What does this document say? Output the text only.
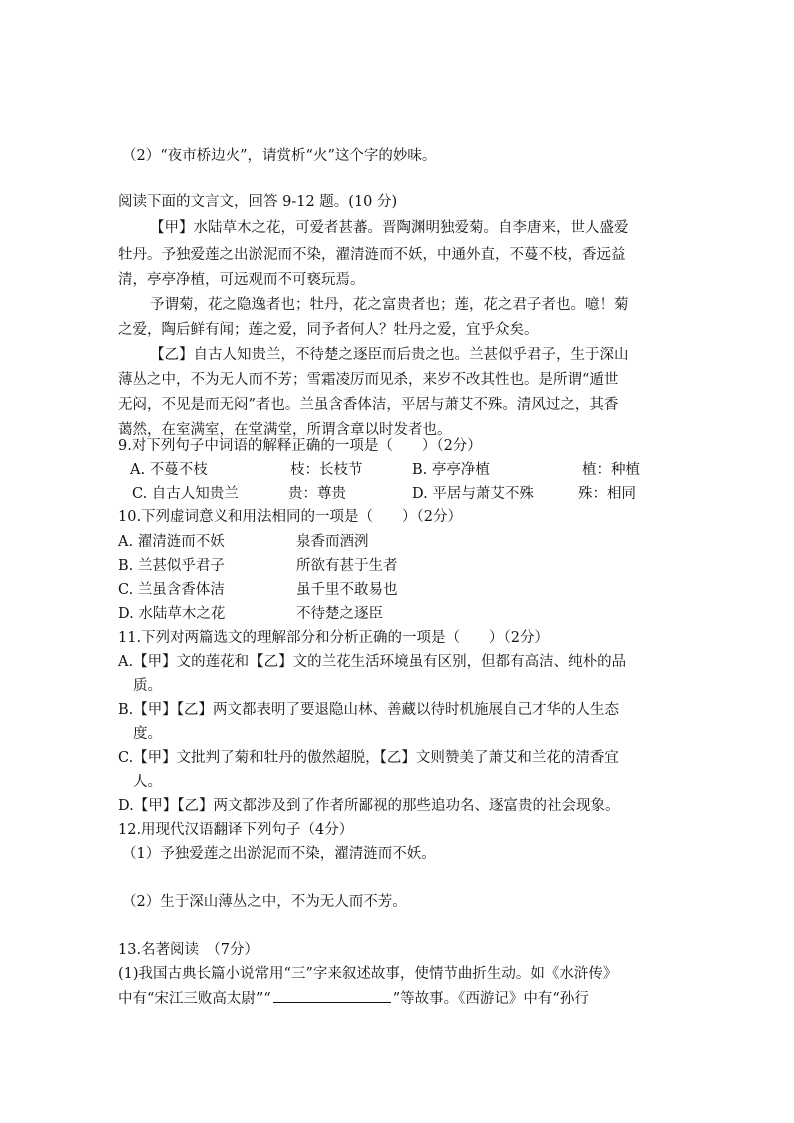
（2）“夜市桥边火”，请赏析“火”这个字的妙味。
阅读下面的文言文，回答 9-12 题。(10 分)
【甲】水陆草木之花，可爱者甚蕃。晋陶渊明独爱菊。自李唐来，世人盛爱
牡丹。予独爱莲之出淤泥而不染，濯清涟而不妖，中通外直，不蔓不枝，香远益
清，亭亭净植，可远观而不可亵玩焉。
予谓菊，花之隐逸者也；牡丹，花之富贵者也；莲，花之君子者也。噫！菊
之爱，陶后鲜有闻；莲之爱，同予者何人？牡丹之爱，宜乎众矣。
【乙】自古人知贵兰，不待楚之逐臣而后贵之也。兰甚似乎君子，生于深山
薄丛之中，不为无人而不芳；雪霜凌厉而见杀，来岁不改其性也。是所谓“遁世
无闷，不见是而无闷”者也。兰虽含香体洁，平居与萧艾不殊。清风过之，其香
蔼然，在室满室，在堂满堂，所谓含章以时发者也。
9.对下列句子中词语的解释正确的一项是（　　）（2分）
A. 不蔓不枝	枝：长枝节	B. 亭亭净植	植：种植
C. 自古人知贵兰	贵：尊贵	D. 平居与萧艾不殊	殊：相同
10.下列虚词意义和用法相同的一项是（　　）（2分）
A. 濯清涟而不妖	泉香而酒洌
B. 兰甚似乎君子	所欲有甚于生者
C. 兰虽含香体洁	虽千里不敢易也
D. 水陆草木之花	不待楚之逐臣
11.下列对两篇选文的理解部分和分析正确的一项是（　　）（2分）
A.【甲】文的莲花和【乙】文的兰花生活环境虽有区别，但都有高洁、纯朴的品
质。
B.【甲】【乙】两文都表明了要退隐山林、善藏以待时机施展自己才华的人生态
度。
C.【甲】文批判了菊和牡丹的傲然超脱，【乙】文则赞美了萧艾和兰花的清香宜
人。
D.【甲】【乙】两文都涉及到了作者所鄙视的那些追功名、逐富贵的社会现象。
12.用现代汉语翻译下列句子（4分）
（1）予独爱莲之出淤泥而不染，濯清涟而不妖。
（2）生于深山薄丛之中，不为无人而不芳。
13.名著阅读　（7分）
(1)我国古典长篇小说常用“三”字来叙述故事，使情节曲折生动。如《水浒传》
中有“宋江三败高太尉”“	”等故事。《西游记》中有“孙行
